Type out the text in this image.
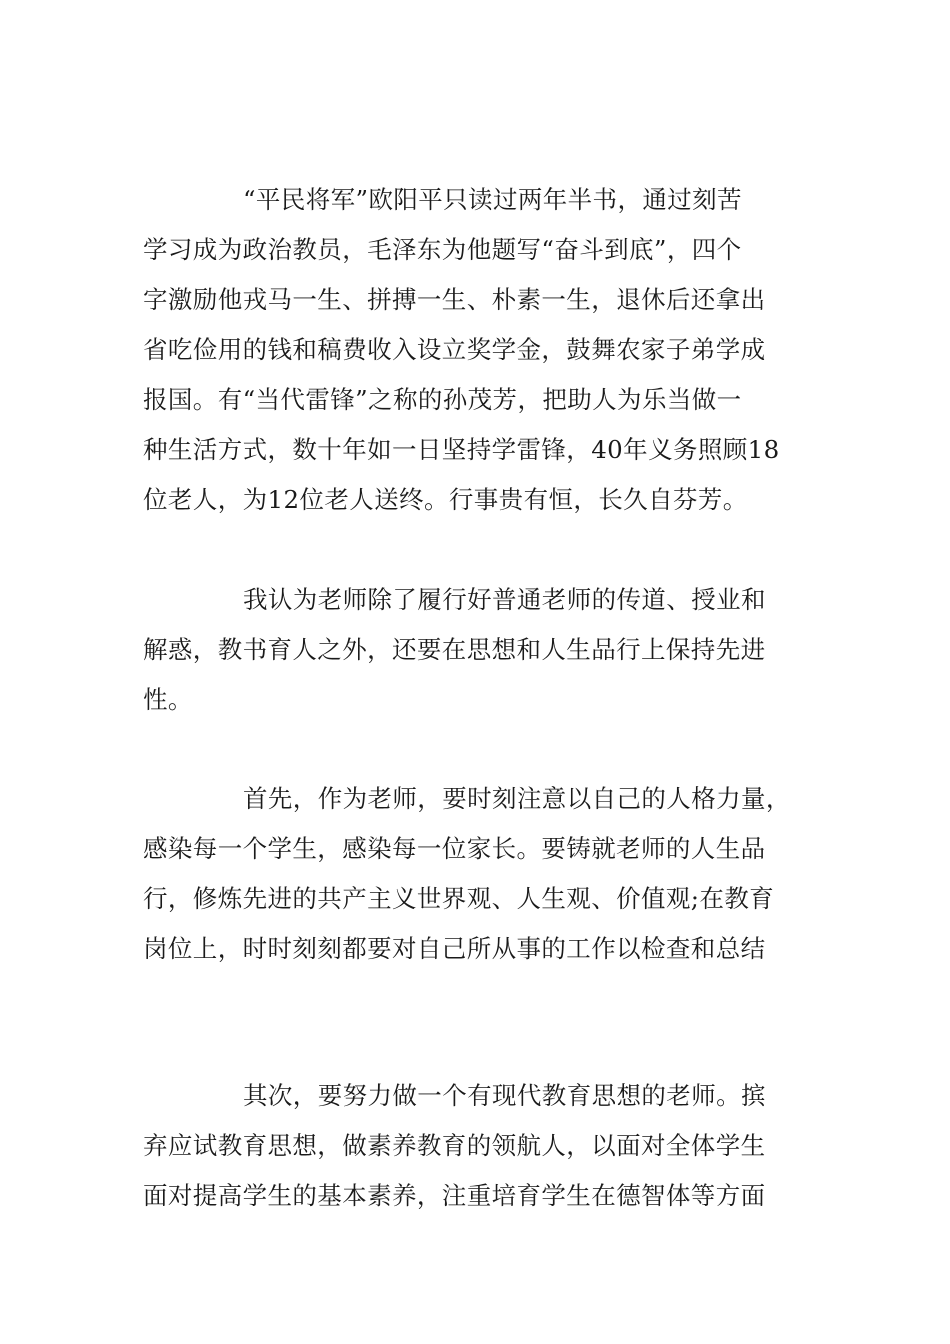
“平民将军”欧阳平只读过两年半书，通过刻苦
学习成为政治教员，毛泽东为他题写“奋斗到底”，四个
字激励他戎马一生、拼搏一生、朴素一生，退休后还拿出
省吃俭用的钱和稿费收入设立奖学金，鼓舞农家子弟学成
报国。有“当代雷锋”之称的孙茂芳，把助人为乐当做一
种生活方式，数十年如一日坚持学雷锋，40年义务照顾18
位老人，为12位老人送终。行事贵有恒，长久自芬芳。
我认为老师除了履行好普通老师的传道、授业和
解惑，教书育人之外，还要在思想和人生品行上保持先进
性。
首先，作为老师，要时刻注意以自己的人格力量，
感染每一个学生，感染每一位家长。要铸就老师的人生品
行，修炼先进的共产主义世界观、人生观、价值观;在教育
岗位上，时时刻刻都要对自己所从事的工作以检查和总结
其次，要努力做一个有现代教育思想的老师。摈
弃应试教育思想，做素养教育的领航人，以面对全体学生
面对提高学生的基本素养，注重培育学生在德智体等方面
